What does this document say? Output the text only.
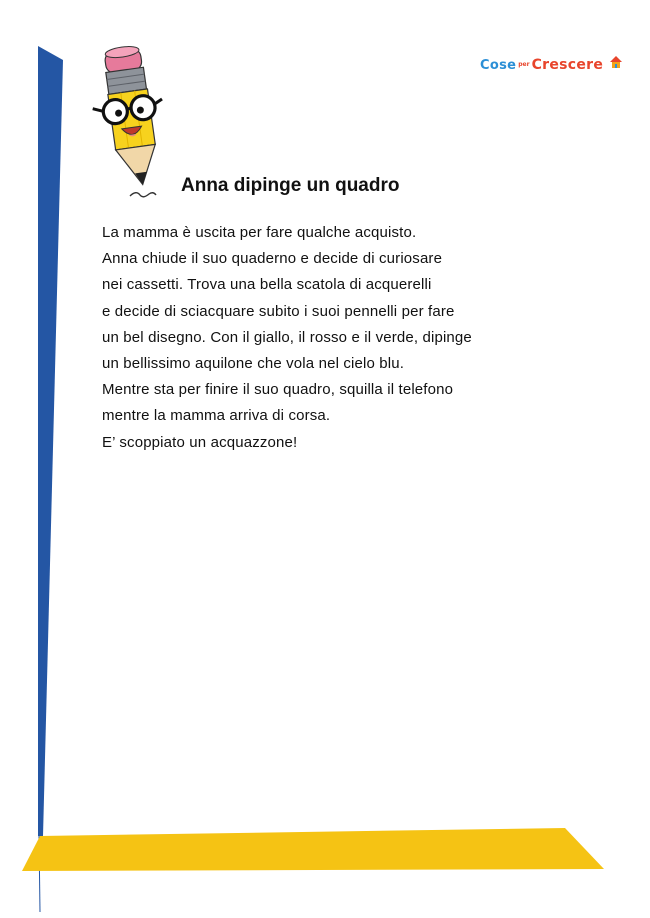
Cose per Crescere
Anna dipinge un quadro
La mamma è uscita per fare qualche acquisto.
Anna chiude il suo quaderno e decide di curiosare
nei cassetti. Trova una bella scatola di acquerelli
e decide di sciacquare subito i suoi pennelli per fare
un bel disegno. Con il giallo, il rosso e il verde, dipinge
un bellissimo aquilone che vola nel cielo blu.
Mentre sta per finire il suo quadro, squilla il telefono
mentre la mamma arriva di corsa.
E’ scoppiato un acquazzone!
